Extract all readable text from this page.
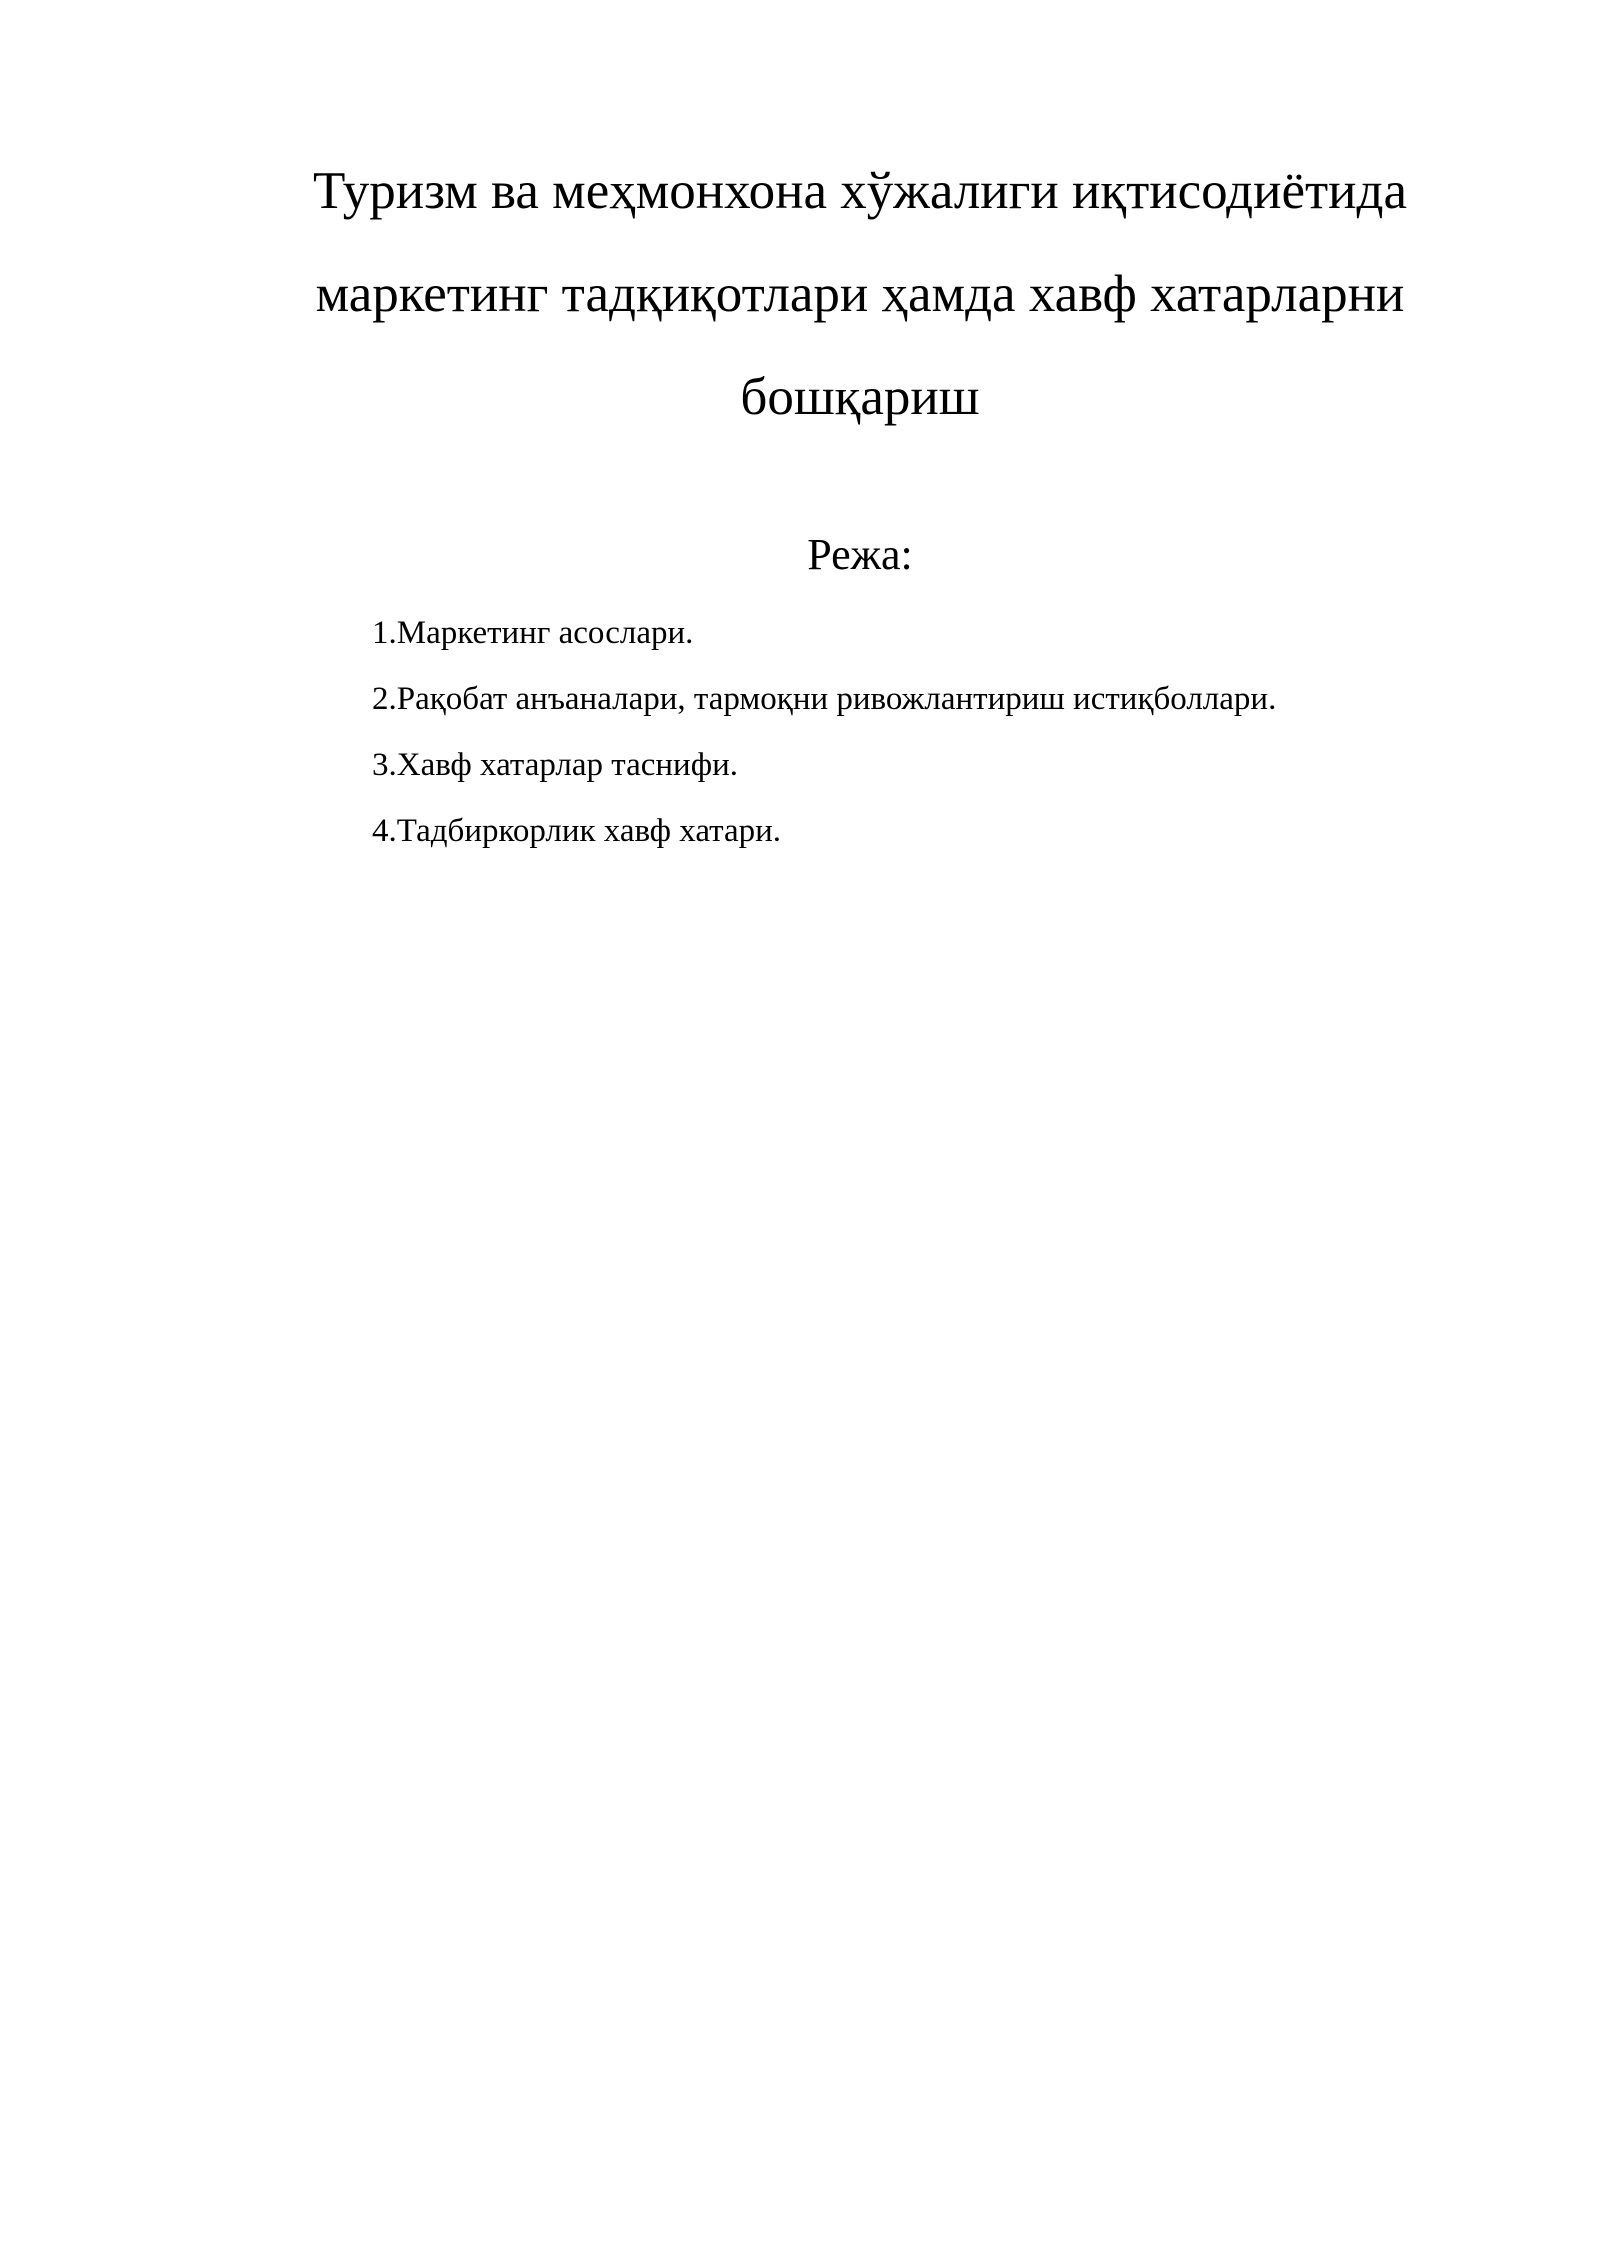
Туризм ва меҳмонхона хўжалиги иқтисодиётида
маркетинг тадқиқотлари ҳамда хавф хатарларни
бошқариш
Режа:
1.Маркетинг асослари.
2.Рақобат анъаналари, тармоқни ривожлантириш истиқболлари.
3.Хавф хатарлар таснифи.
4.Тадбиркорлик хавф хатари.
